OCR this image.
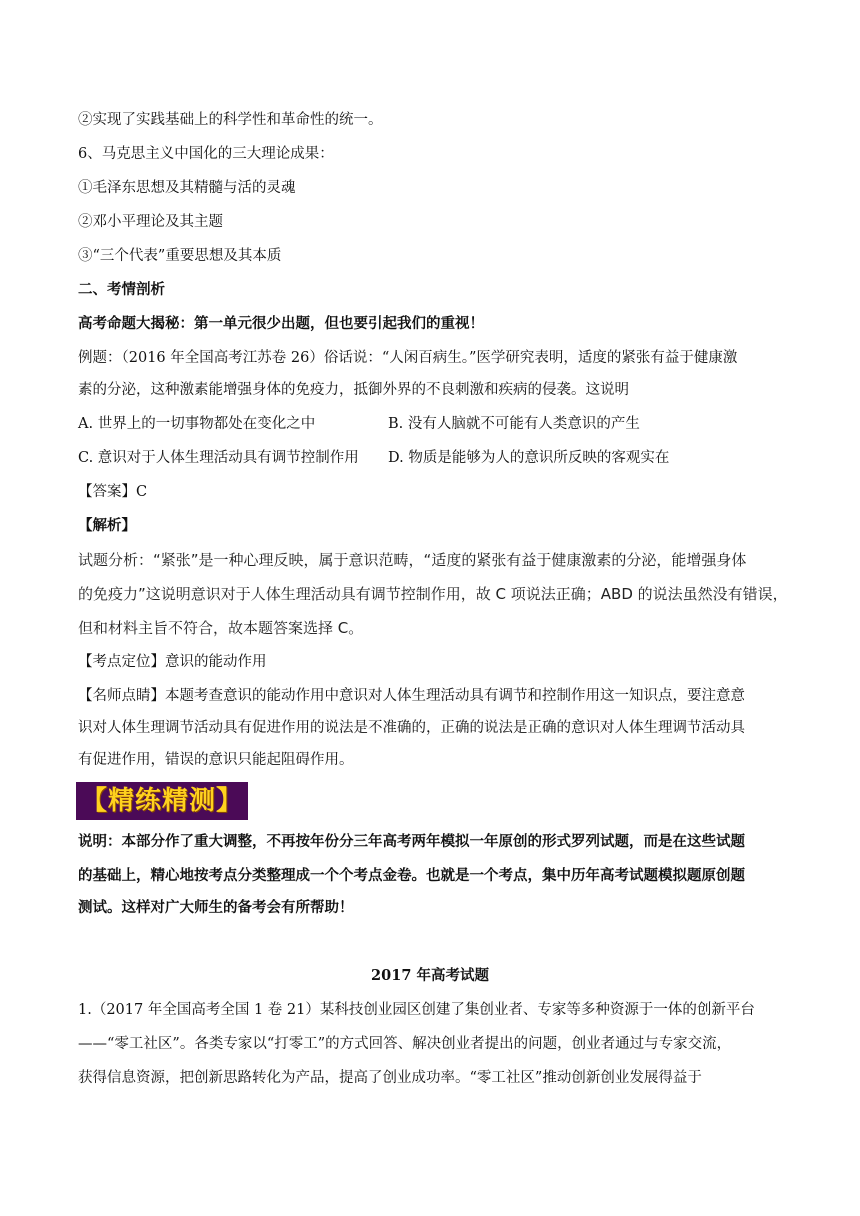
②实现了实践基础上的科学性和革命性的统一。
6、马克思主义中国化的三大理论成果：
①毛泽东思想及其精髓与活的灵魂
②邓小平理论及其主题
③“三个代表”重要思想及其本质
二、考情剖析
高考命题大揭秘：第一单元很少出题，但也要引起我们的重视！
例题：（2016 年全国高考江苏卷 26）俗话说：“人闲百病生。”医学研究表明，适度的紧张有益于健康激
素的分泌，这种激素能增强身体的免疫力，抵御外界的不良刺激和疾病的侵袭。这说明
A. 世界上的一切事物都处在变化之中	B. 没有人脑就不可能有人类意识的产生
C. 意识对于人体生理活动具有调节控制作用 D. 物质是能够为人的意识所反映的客观实在
【答案】C
【解析】
试题分析：“紧张”是一种心理反映，属于意识范畴，“适度的紧张有益于健康激素的分泌，能增强身体
的免疫力”这说明意识对于人体生理活动具有调节控制作用，故 C 项说法正确；ABD 的说法虽然没有错误，
但和材料主旨不符合，故本题答案选择 C。
【考点定位】意识的能动作用
【名师点睛】本题考查意识的能动作用中意识对人体生理活动具有调节和控制作用这一知识点，要注意意
识对人体生理调节活动具有促进作用的说法是不准确的，正确的说法是正确的意识对人体生理调节活动具
有促进作用，错误的意识只能起阻碍作用。
【精练精测】
说明：本部分作了重大调整，不再按年份分三年高考两年模拟一年原创的形式罗列试题，而是在这些试题
的基础上，精心地按考点分类整理成一个个考点金卷。也就是一个考点，集中历年高考试题模拟题原创题
测试。这样对广大师生的备考会有所帮助！
2017 年高考试题
1.（2017 年全国高考全国 1 卷 21）某科技创业园区创建了集创业者、专家等多种资源于一体的创新平台
——“零工社区”。各类专家以“打零工”的方式回答、解决创业者提出的问题，创业者通过与专家交流，
获得信息资源，把创新思路转化为产品，提高了创业成功率。“零工社区”推动创新创业发展得益于
